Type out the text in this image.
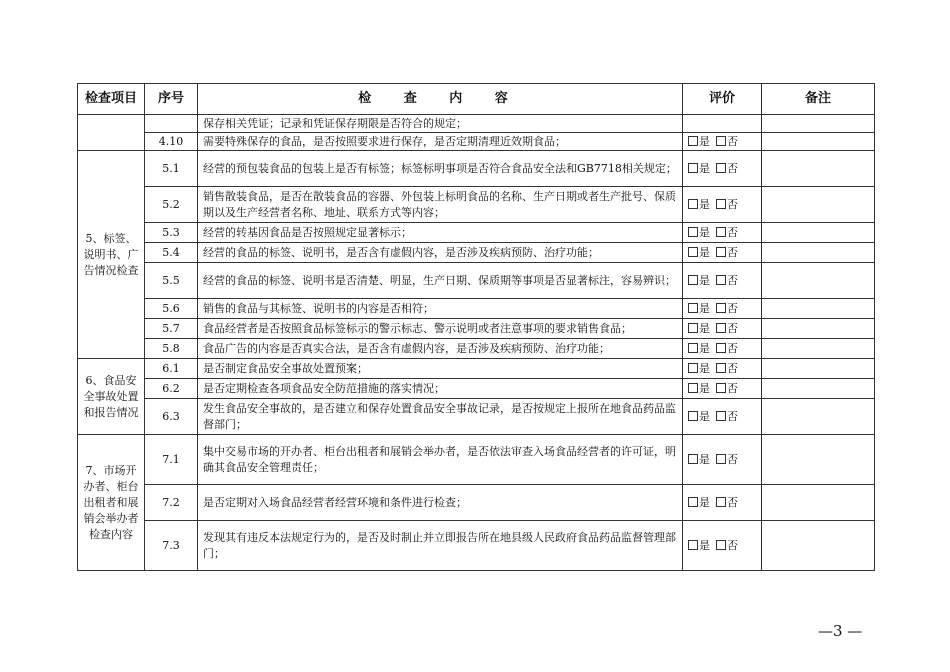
检查项目	序号	检 查 内 容	评价	备注
		保存相关凭证；记录和凭证保存期限是否符合的规定；		
	4.10	需要特殊保存的食品，是否按照要求进行保存，是否定期清理近效期食品；	是 否	
5、标签、说明书、广告情况检查	5.1	经营的预包装食品的包装上是否有标签；标签标明事项是否符合食品安全法和GB7718相关规定；	是 否	
	5.2	销售散装食品，是否在散装食品的容器、外包装上标明食品的名称、生产日期或者生产批号、保质期以及生产经营者名称、地址、联系方式等内容；	是 否	
	5.3	经营的转基因食品是否按照规定显著标示；	是 否	
	5.4	经营的食品的标签、说明书，是否含有虚假内容，是否涉及疾病预防、治疗功能；	是 否	
	5.5	经营的食品的标签、说明书是否清楚、明显，生产日期、保质期等事项是否显著标注，容易辨识；	是 否	
	5.6	销售的食品与其标签、说明书的内容是否相符；	是 否	
	5.7	食品经营者是否按照食品标签标示的警示标志、警示说明或者注意事项的要求销售食品；	是 否	
	5.8	食品广告的内容是否真实合法，是否含有虚假内容，是否涉及疾病预防、治疗功能；	是 否	
6、食品安全事故处置和报告情况	6.1	是否制定食品安全事故处置预案；	是 否	
	6.2	是否定期检查各项食品安全防范措施的落实情况；	是 否	
	6.3	发生食品安全事故的，是否建立和保存处置食品安全事故记录，是否按规定上报所在地食品药品监督部门；	是 否	
7、市场开办者、柜台出租者和展销会举办者检查内容	7.1	集中交易市场的开办者、柜台出租者和展销会举办者，是否依法审查入场食品经营者的许可证，明确其食品安全管理责任；	是 否	
	7.2	是否定期对入场食品经营者经营环境和条件进行检查；	是 否	
	7.3	发现其有违反本法规定行为的，是否及时制止并立即报告所在地县级人民政府食品药品监督管理部门；	是 否	
—3 —
